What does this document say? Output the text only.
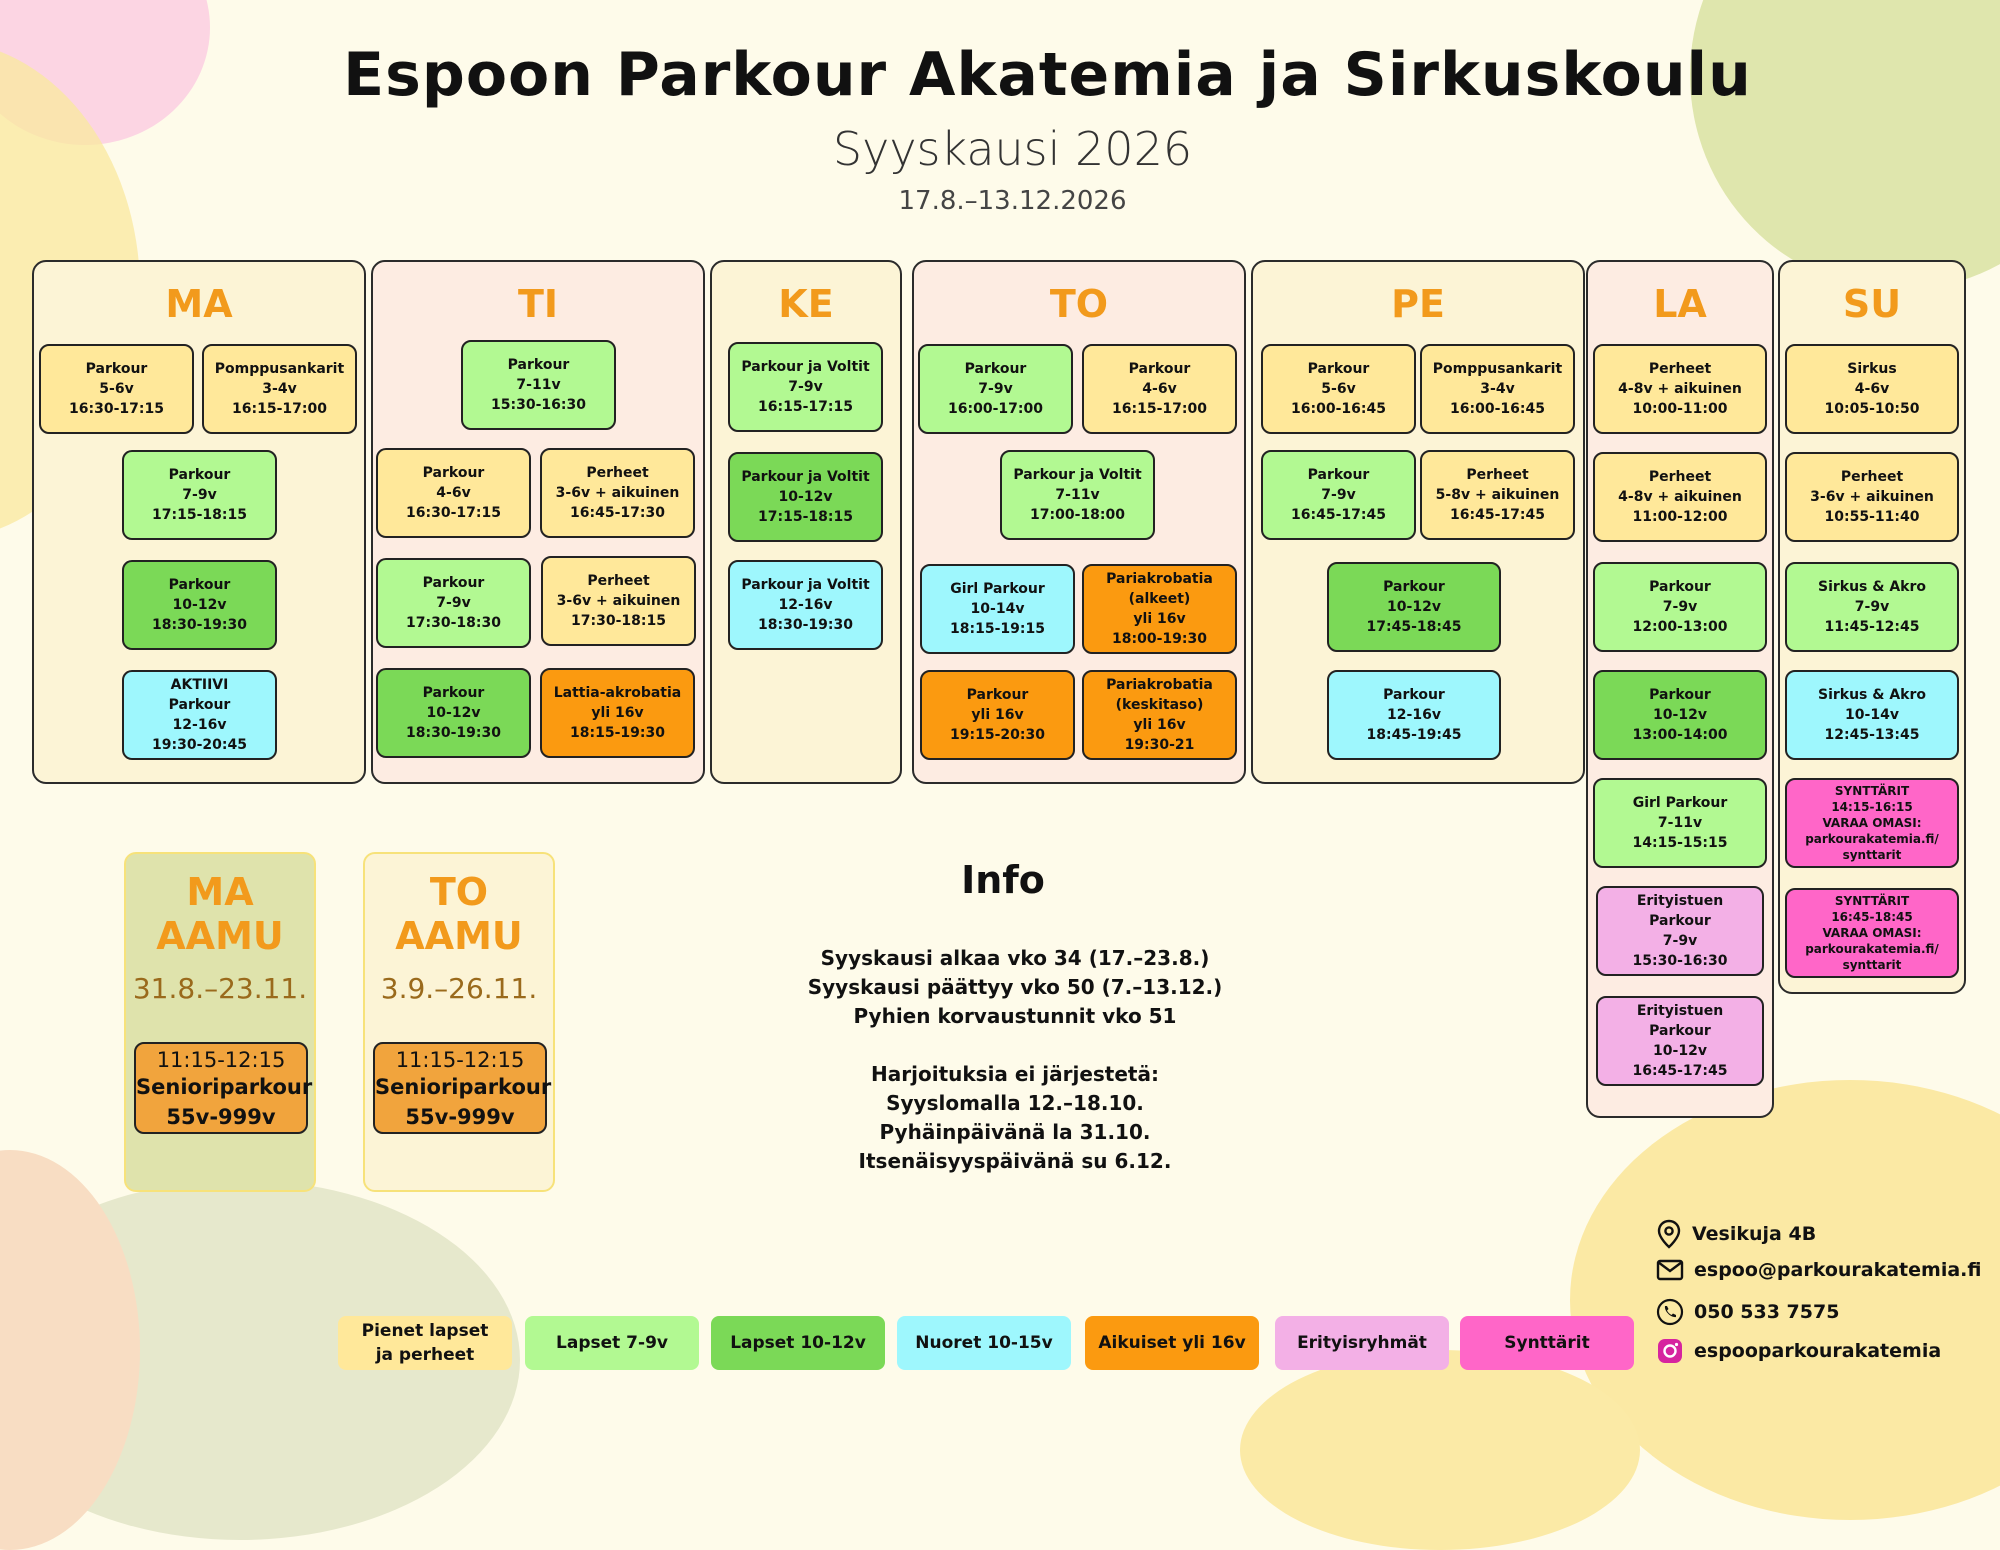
Espoon Parkour Akatemia ja Sirkuskoulu
Syyskausi 2026
17.8.–13.12.2026
MA
Parkour
5-6v
16:30-17:15
Pomppusankarit
3-4v
16:15-17:00
Parkour
7-9v
17:15-18:15
Parkour
10-12v
18:30-19:30
AKTIIVI
Parkour
12-16v
19:30-20:45
TI
Parkour
7-11v
15:30-16:30
Parkour
4-6v
16:30-17:15
Perheet
3-6v + aikuinen
16:45-17:30
Parkour
7-9v
17:30-18:30
Perheet
3-6v + aikuinen
17:30-18:15
Parkour
10-12v
18:30-19:30
Lattia-akrobatia
yli 16v
18:15-19:30
KE
Parkour ja Voltit
7-9v
16:15-17:15
Parkour ja Voltit
10-12v
17:15-18:15
Parkour ja Voltit
12-16v
18:30-19:30
TO
Parkour
7-9v
16:00-17:00
Parkour
4-6v
16:15-17:00
Parkour ja Voltit
7-11v
17:00-18:00
Girl Parkour
10-14v
18:15-19:15
Pariakrobatia
(alkeet)
yli 16v
18:00-19:30
Parkour
yli 16v
19:15-20:30
Pariakrobatia
(keskitaso)
yli 16v
19:30-21
PE
Parkour
5-6v
16:00-16:45
Pomppusankarit
3-4v
16:00-16:45
Parkour
7-9v
16:45-17:45
Perheet
5-8v + aikuinen
16:45-17:45
Parkour
10-12v
17:45-18:45
Parkour
12-16v
18:45-19:45
LA
Perheet
4-8v + aikuinen
10:00-11:00
Perheet
4-8v + aikuinen
11:00-12:00
Parkour
7-9v
12:00-13:00
Parkour
10-12v
13:00-14:00
Girl Parkour
7-11v
14:15-15:15
Erityistuen
Parkour
7-9v
15:30-16:30
Erityistuen
Parkour
10-12v
16:45-17:45
SU
Sirkus
4-6v
10:05-10:50
Perheet
3-6v + aikuinen
10:55-11:40
Sirkus & Akro
7-9v
11:45-12:45
Sirkus & Akro
10-14v
12:45-13:45
SYNTTÄRIT
14:15-16:15
VARAA OMASI:
parkourakatemia.fi/
synttarit
SYNTTÄRIT
16:45-18:45
VARAA OMASI:
parkourakatemia.fi/
synttarit
MA
AAMU
31.8.–23.11.
11:15-12:15
Senioriparkour
55v-999v
TO
AAMU
3.9.–26.11.
11:15-12:15
Senioriparkour
55v-999v
Info
Syyskausi alkaa vko 34 (17.–23.8.)
Syyskausi päättyy vko 50 (7.–13.12.)
Pyhien korvaustunnit vko 51
Harjoituksia ei järjestetä:
Syyslomalla 12.–18.10.
Pyhäinpäivänä la 31.10.
Itsenäisyyspäivänä su 6.12.
Pienet lapset
ja perheet
Lapset 7-9v	Lapset 10-12v	Nuoret 10-15v	Aikuiset yli 16v	Erityisryhmät	Synttärit
Vesikuja 4B
espoo@parkourakatemia.fi
050 533 7575
espooparkourakatemia
